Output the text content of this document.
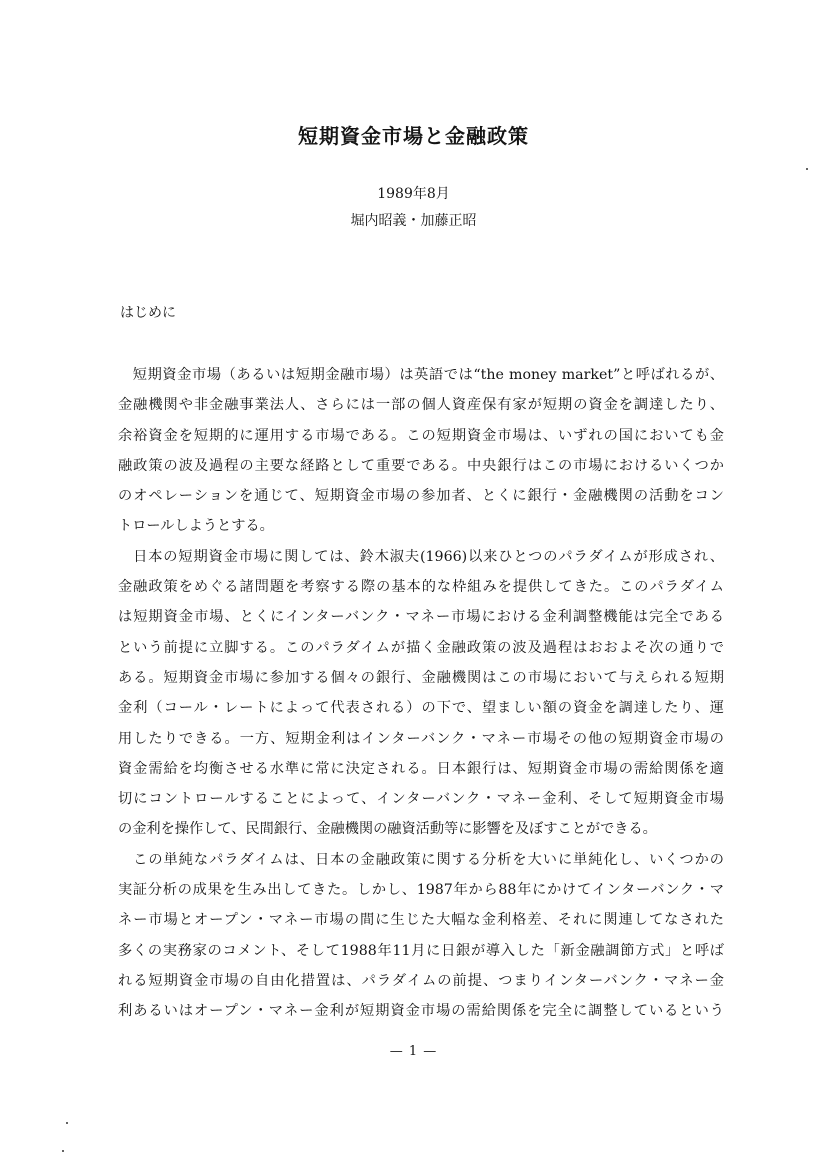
短期資金市場と金融政策
1989年8月
堀内昭義・加藤正昭
はじめに
　短期資金市場（あるいは短期金融市場）は英語では“the money market”と呼ばれるが、
金融機関や非金融事業法人、さらには一部の個人資産保有家が短期の資金を調達したり、
余裕資金を短期的に運用する市場である。この短期資金市場は、いずれの国においても金
融政策の波及過程の主要な経路として重要である。中央銀行はこの市場におけるいくつか
のオペレーションを通じて、短期資金市場の参加者、とくに銀行・金融機関の活動をコン
トロールしようとする。
　日本の短期資金市場に関しては、鈴木淑夫(1966)以来ひとつのパラダイムが形成され、
金融政策をめぐる諸問題を考察する際の基本的な枠組みを提供してきた。このパラダイム
は短期資金市場、とくにインターバンク・マネー市場における金利調整機能は完全である
という前提に立脚する。このパラダイムが描く金融政策の波及過程はおおよそ次の通りで
ある。短期資金市場に参加する個々の銀行、金融機関はこの市場において与えられる短期
金利（コール・レートによって代表される）の下で、望ましい額の資金を調達したり、運
用したりできる。一方、短期金利はインターバンク・マネー市場その他の短期資金市場の
資金需給を均衡させる水準に常に決定される。日本銀行は、短期資金市場の需給関係を適
切にコントロールすることによって、インターバンク・マネー金利、そして短期資金市場
の金利を操作して、民間銀行、金融機関の融資活動等に影響を及ぼすことができる。
　この単純なパラダイムは、日本の金融政策に関する分析を大いに単純化し、いくつかの
実証分析の成果を生み出してきた。しかし、1987年から88年にかけてインターバンク・マ
ネー市場とオープン・マネー市場の間に生じた大幅な金利格差、それに関連してなされた
多くの実務家のコメント、そして1988年11月に日銀が導入した「新金融調節方式」と呼ば
れる短期資金市場の自由化措置は、パラダイムの前提、つまりインターバンク・マネー金
利あるいはオープン・マネー金利が短期資金市場の需給関係を完全に調整しているという
— 1 —
